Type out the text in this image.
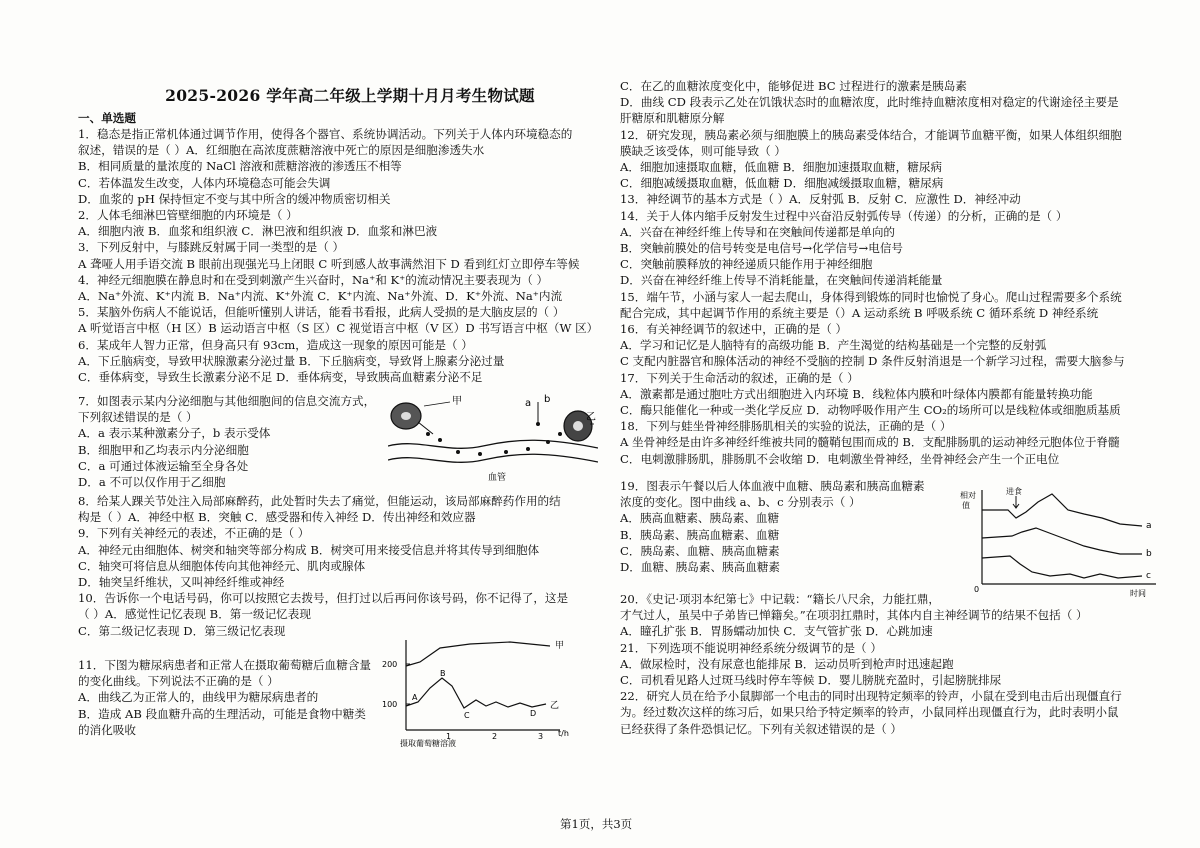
2025-2026 学年高二年级上学期十月月考生物试题
一、单选题
1．稳态是指正常机体通过调节作用，使得各个器官、系统协调活动。下列关于人体内环境稳态的
叙述，错误的是（ ）A．红细胞在高浓度蔗糖溶液中死亡的原因是细胞渗透失水
B．相同质量的量浓度的 NaCl 溶液和蔗糖溶液的渗透压不相等
C．若体温发生改变，人体内环境稳态可能会失调
D．血浆的 pH 保持恒定不变与其中所含的缓冲物质密切相关
2．人体毛细淋巴管壁细胞的内环境是（ ）
A．细胞内液 B．血浆和组织液 C．淋巴液和组织液 D．血浆和淋巴液
3．下列反射中，与膝跳反射属于同一类型的是（ ）
A 聋哑人用手语交流 B 眼前出现强光马上闭眼 C 听到感人故事满然泪下 D 看到红灯立即停车等候
4．神经元细胞膜在静息时和在受到刺激产生兴奋时，Na⁺和 K⁺的流动情况主要表现为（ ）
A．Na⁺外流、K⁺内流 B．Na⁺内流、K⁺外流 C．K⁺内流、Na⁺外流、D．K⁺外流、Na⁺内流
5．某脑外伤病人不能说话，但能听懂别人讲话，能看书看报，此病人受损的是大脑皮层的（ ）
A 听觉语言中枢（H 区）B 运动语言中枢（S 区）C 视觉语言中枢（V 区）D 书写语言中枢（W 区）
6．某成年人智力正常，但身高只有 93cm，造成这一现象的原因可能是（ ）
A．下丘脑病变，导致甲状腺激素分泌过量 B．下丘脑病变，导致肾上腺素分泌过量
C．垂体病变，导致生长激素分泌不足 D．垂体病变，导致胰高血糖素分泌不足
7．如图表示某内分泌细胞与其他细胞间的信息交流方式，
下列叙述错误的是（ ）
A．a 表示某种激素分子，b 表示受体
B．细胞甲和乙均表示内分泌细胞
C．a 可通过体液运输至全身各处
D．a 不可以仅作用于乙细胞
8．给某人踝关节处注入局部麻醉药，此处暂时失去了痛觉，但能运动，该局部麻醉药作用的结
构是（ ）A．神经中枢 B．突触 C．感受器和传入神经 D．传出神经和效应器
9．下列有关神经元的表述，不正确的是（ ）
A．神经元由细胞体、树突和轴突等部分构成 B．树突可用来接受信息并将其传导到细胞体
C．轴突可将信息从细胞体传向其他神经元、肌肉或腺体
D．轴突呈纤维状，又叫神经纤维或神经
10．告诉你一个电话号码，你可以按照它去拨号，但打过以后再问你该号码，你不记得了，这是
（ ）A．感觉性记忆表现 B．第一级记忆表现
C．第二级记忆表现 D．第三级记忆表现
11．下图为糖尿病患者和正常人在摄取葡萄糖后血糖含量
的变化曲线。下列说法不正确的是（ ）
A．曲线乙为正常人的，曲线甲为糖尿病患者的
B．造成 AB 段血糖升高的生理活动，可能是食物中糖类
的消化吸收
甲
乙
a b
血管
200
100
甲
乙
A
B
C	D
1	2	3 t/h
摄取葡萄糖溶液
C．在乙的血糖浓度变化中，能够促进 BC 过程进行的激素是胰岛素
D．曲线 CD 段表示乙处在饥饿状态时的血糖浓度，此时维持血糖浓度相对稳定的代谢途径主要是
肝糖原和肌糖原分解
12．研究发现，胰岛素必须与细胞膜上的胰岛素受体结合，才能调节血糖平衡，如果人体组织细胞
膜缺乏该受体，则可能导致（ ）
A．细胞加速摄取血糖，低血糖 B．细胞加速摄取血糖，糖尿病
C．细胞减缓摄取血糖，低血糖 D．细胞减缓摄取血糖，糖尿病
13．神经调节的基本方式是（ ）A．反射弧 B．反射 C．应激性 D．神经冲动
14．关于人体内缩手反射发生过程中兴奋沿反射弧传导（传递）的分析，正确的是（ ）
A．兴奋在神经纤维上传导和在突触间传递都是单向的
B．突触前膜处的信号转变是电信号→化学信号→电信号
C．突触前膜释放的神经递质只能作用于神经细胞
D．兴奋在神经纤维上传导不消耗能量，在突触间传递消耗能量
15．端午节，小涵与家人一起去爬山，身体得到锻炼的同时也愉悦了身心。爬山过程需要多个系统
配合完成，其中起调节作用的系统主要是（）A 运动系统 B 呼吸系统 C 循环系统 D 神经系统
16．有关神经调节的叙述中，正确的是（ ）
A．学习和记忆是人脑特有的高级功能 B．产生渴觉的结构基础是一个完整的反射弧
C 支配内脏器官和腺体活动的神经不受脑的控制 D 条件反射消退是一个新学习过程，需要大脑参与
17．下列关于生命活动的叙述，正确的是（ ）
A．激素都是通过胞吐方式出细胞进入内环境 B．线粒体内膜和叶绿体内膜都有能量转换功能
C．酶只能催化一种或一类化学反应 D．动物呼吸作用产生 CO₂的场所可以是线粒体或细胞质基质
18．下列与蛙坐骨神经腓肠肌相关的实验的说法，正确的是（ ）
A 坐骨神经是由许多神经纤维被共同的髓鞘包围而成的 B．支配腓肠肌的运动神经元胞体位于脊髓
C．电刺激腓肠肌，腓肠肌不会收缩 D．电刺激坐骨神经，坐骨神经会产生一个正电位
19．图表示午餐以后人体血液中血糖、胰岛素和胰高血糖素
浓度的变化。图中曲线 a、b、c 分别表示（ ）
A．胰高血糖素、胰岛素、血糖
B．胰岛素、胰高血糖素、血糖
C．胰岛素、血糖、胰高血糖素
D．血糖、胰岛素、胰高血糖素
20．《史记·项羽本纪第七》中记载：“籍长八尺余，力能扛鼎，
才气过人，虽吴中子弟皆已惮籍矣。”在项羽扛鼎时，其体内自主神经调节的结果不包括（ ）
A．瞳孔扩张 B．胃肠蠕动加快 C．支气管扩张 D．心跳加速
21．下列选项不能说明神经系统分级调节的是（ ）
A．做尿检时，没有尿意也能排尿 B．运动员听到枪声时迅速起跑
C．司机看见路人过斑马线时停车等候 D．婴儿膀胱充盈时，引起膀胱排尿
22．研究人员在给予小鼠脚部一个电击的同时出现特定频率的铃声，小鼠在受到电击后出现僵直行
为。经过数次这样的练习后，如果只给予特定频率的铃声，小鼠同样出现僵直行为，此时表明小鼠
已经获得了条件恐惧记忆。下列有关叙述错误的是（ ）
相对
值
进食
a
b
c
0	时间
第1页，共3页
